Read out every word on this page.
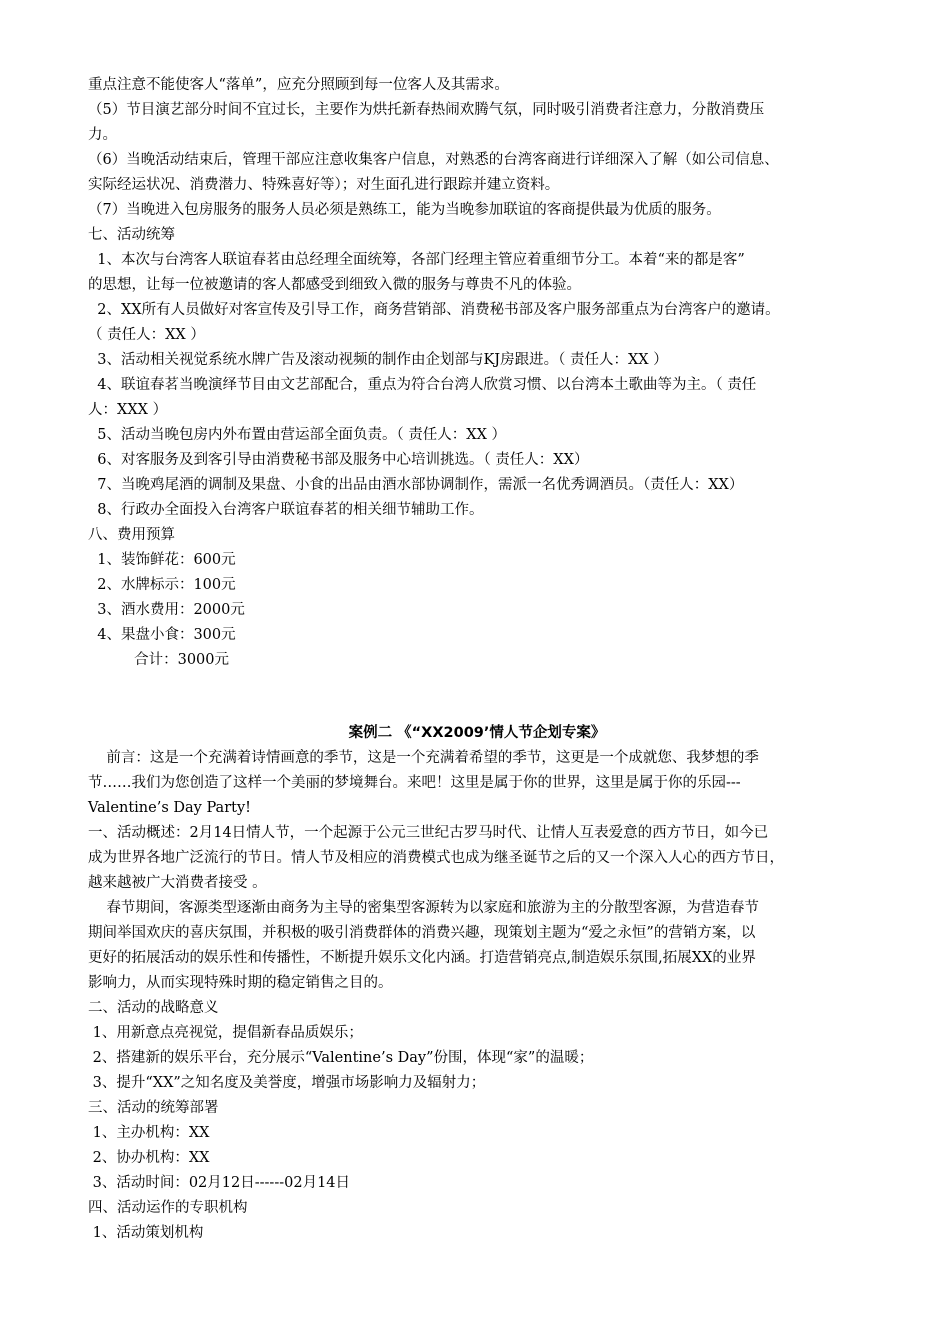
重点注意不能使客人“落单”，应充分照顾到每一位客人及其需求。
（5）节目演艺部分时间不宜过长，主要作为烘托新春热闹欢腾气氛，同时吸引消费者注意力，分散消费压
力。
（6）当晚活动结束后，管理干部应注意收集客户信息，对熟悉的台湾客商进行详细深入了解（如公司信息、
实际经运状况、消费潜力、特殊喜好等）；对生面孔进行跟踪并建立资料。
（7）当晚进入包房服务的服务人员必须是熟练工，能为当晚参加联谊的客商提供最为优质的服务。
七、活动统筹
1、本次与台湾客人联谊春茗由总经理全面统筹，各部门经理主管应着重细节分工。本着“来的都是客”
的思想，让每一位被邀请的客人都感受到细致入微的服务与尊贵不凡的体验。
2、XX所有人员做好对客宣传及引导工作，商务营销部、消费秘书部及客户服务部重点为台湾客户的邀请。
（ 责任人：XX ）
3、活动相关视觉系统水牌广告及滚动视频的制作由企划部与KJ房跟进。（ 责任人：XX ）
4、联谊春茗当晚演绎节目由文艺部配合，重点为符合台湾人欣赏习惯、以台湾本土歌曲等为主。（ 责任
人：XXX ）
5、活动当晚包房内外布置由营运部全面负责。（ 责任人：XX ）
6、对客服务及到客引导由消费秘书部及服务中心培训挑选。（ 责任人：XX）
7、当晚鸡尾酒的调制及果盘、小食的出品由酒水部协调制作，需派一名优秀调酒员。（责任人：XX）
8、行政办全面投入台湾客户联谊春茗的相关细节辅助工作。
八、费用预算
1、装饰鲜花：600元
2、水牌标示：100元
3、酒水费用：2000元
4、果盘小食：300元
合计：3000元
案例二 《“XX2009’情人节企划专案》
前言：这是一个充满着诗情画意的季节，这是一个充满着希望的季节，这更是一个成就您、我梦想的季
节……我们为您创造了这样一个美丽的梦境舞台。来吧！这里是属于你的世界，这里是属于你的乐园---
Valentine’s Day Party!
一、活动概述：2月14日情人节，一个起源于公元三世纪古罗马时代、让情人互表爱意的西方节日，如今已
成为世界各地广泛流行的节日。情人节及相应的消费模式也成为继圣诞节之后的又一个深入人心的西方节日，
越来越被广大消费者接受 。
春节期间，客源类型逐渐由商务为主导的密集型客源转为以家庭和旅游为主的分散型客源，为营造春节
期间举国欢庆的喜庆氛围，并积极的吸引消费群体的消费兴趣，现策划主题为“爱之永恒”的营销方案，以
更好的拓展活动的娱乐性和传播性，不断提升娱乐文化内涵。打造营销亮点,制造娱乐氛围,拓展XX的业界
影响力，从而实现特殊时期的稳定销售之目的。
二、活动的战略意义
1、用新意点亮视觉，提倡新春品质娱乐；
2、搭建新的娱乐平台，充分展示“Valentine’s Day”份围，体现“家”的温暖；
3、提升“XX”之知名度及美誉度，增强市场影响力及辐射力；
三、活动的统筹部署
1、主办机构：XX
2、协办机构：XX
3、活动时间：02月12日------02月14日
四、活动运作的专职机构
1、活动策划机构
